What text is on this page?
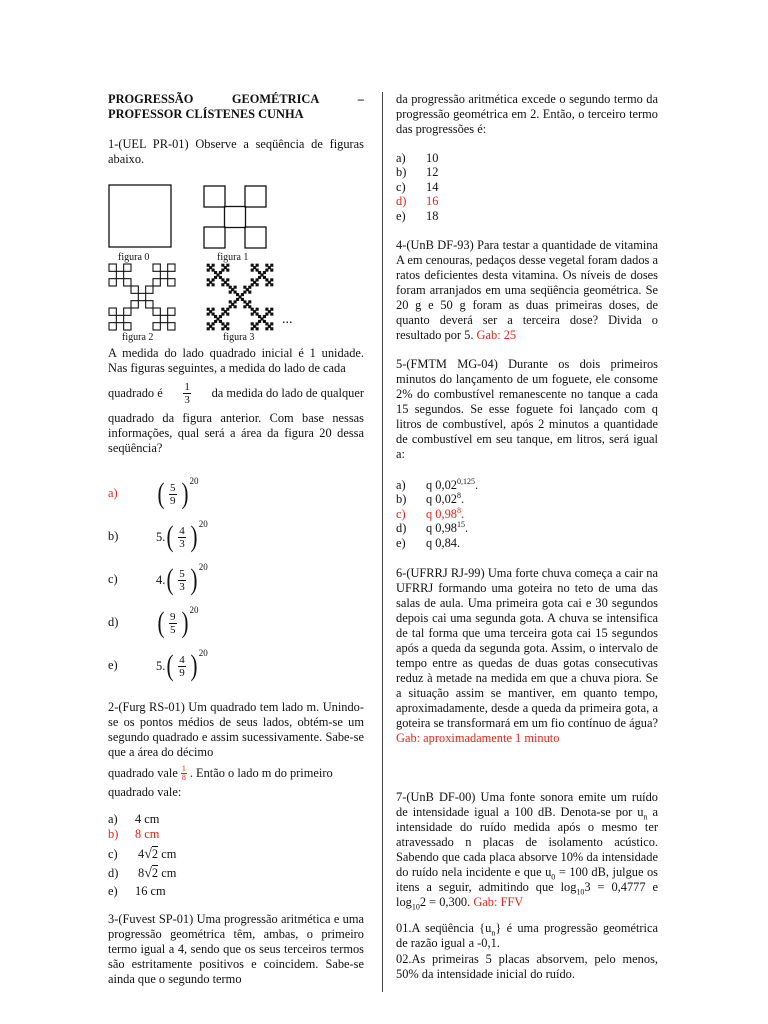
PROGRESSÃO	GEOMÉTRICA	–
PROFESSOR CLÍSTENES CUNHA
1-(UEL PR-01) Observe a seqüência de figuras abaixo.
figura 0	figura 1
...
figura 2	figura 3
A medida do lado quadrado inicial é 1 unidade. Nas figuras seguintes, a medida do lado de cada
quadrado é $\frac{1}{3}$ da medida do lado de qualquer
quadrado da figura anterior. Com base nessas informações, qual será a área da figura 20 dessa seqüência?
a) ( $\frac{5}{9}$ ) 20
b)	5. ( $\frac{4}{3}$ ) 20
c)	4. ( $\frac{5}{3}$ ) 20
d) ( $\frac{9}{5}$ ) 20
e)	5. ( $\frac{4}{9}$ ) 20
2-(Furg RS-01) Um quadrado tem lado m. Unindo-se os pontos médios de seus lados, obtém-se um segundo quadrado e assim sucessivamente. Sabe-se que a área do décimo
quadrado vale $\frac{1}{8}$ . Então o lado m do primeiro
quadrado vale:
a)	4 cm
b)	8 cm
c)	4√2 cm
d)	8√2 cm
e)	16 cm
3-(Fuvest SP-01) Uma progressão aritmética e uma progressão geométrica têm, ambas, o primeiro termo igual a 4, sendo que os seus terceiros termos são estritamente positivos e coincidem. Sabe-se ainda que o segundo termo
da progressão aritmética excede o segundo termo da progressão geométrica em 2. Então, o terceiro termo das progressões é:
a)	10
b)	12
c)	14
d)	16
e)	18
4-(UnB DF-93) Para testar a quantidade de vitamina A em cenouras, pedaços desse vegetal foram dados a ratos deficientes desta vitamina. Os níveis de doses foram arranjados em uma seqüência geométrica. Se 20 g e 50 g foram as duas primeiras doses, de quanto deverá ser a terceira dose? Divida o resultado por 5. Gab: 25
5-(FMTM MG-04) Durante os dois primeiros minutos do lançamento de um foguete, ele consome 2% do combustível remanescente no tanque a cada 15 segundos. Se esse foguete foi lançado com q litros de combustível, após 2 minutos a quantidade de combustível em seu tanque, em litros, será igual a:
a)	q 0,02$^{0,125}$.
b)	q 0,02$^8$.
c)	q 0,98$^8$.
d)	q 0,98$^{15}$.
e)	q 0,84.
6-(UFRRJ RJ-99) Uma forte chuva começa a cair na UFRRJ formando uma goteira no teto de uma das salas de aula. Uma primeira gota cai e 30 segundos depois cai uma segunda gota. A chuva se intensifica de tal forma que uma terceira gota cai 15 segundos após a queda da segunda gota. Assim, o intervalo de tempo entre as quedas de duas gotas consecutivas reduz à metade na medida em que a chuva piora. Se a situação assim se mantiver, em quanto tempo, aproximadamente, desde a queda da primeira gota, a goteira se transformará em um fio contínuo de água? Gab: aproximadamente 1 minuto
7-(UnB DF-00) Uma fonte sonora emite um ruído de intensidade igual a 100 dB. Denota-se por $u_n$ a intensidade do ruído medida após o mesmo ter atravessado n placas de isolamento acústico. Sabendo que cada placa absorve 10% da intensidade do ruído nela incidente e que $u_0 = 100$ dB, julgue os itens a seguir, admitindo que $\log_{10}3 = 0,4777$ e $\log_{10}2 = 0,300$. Gab: FFV
01.A seqüência $\{u_n\}$ é uma progressão geométrica de razão igual a -0,1.
02.As primeiras 5 placas absorvem, pelo menos, 50% da intensidade inicial do ruído.
